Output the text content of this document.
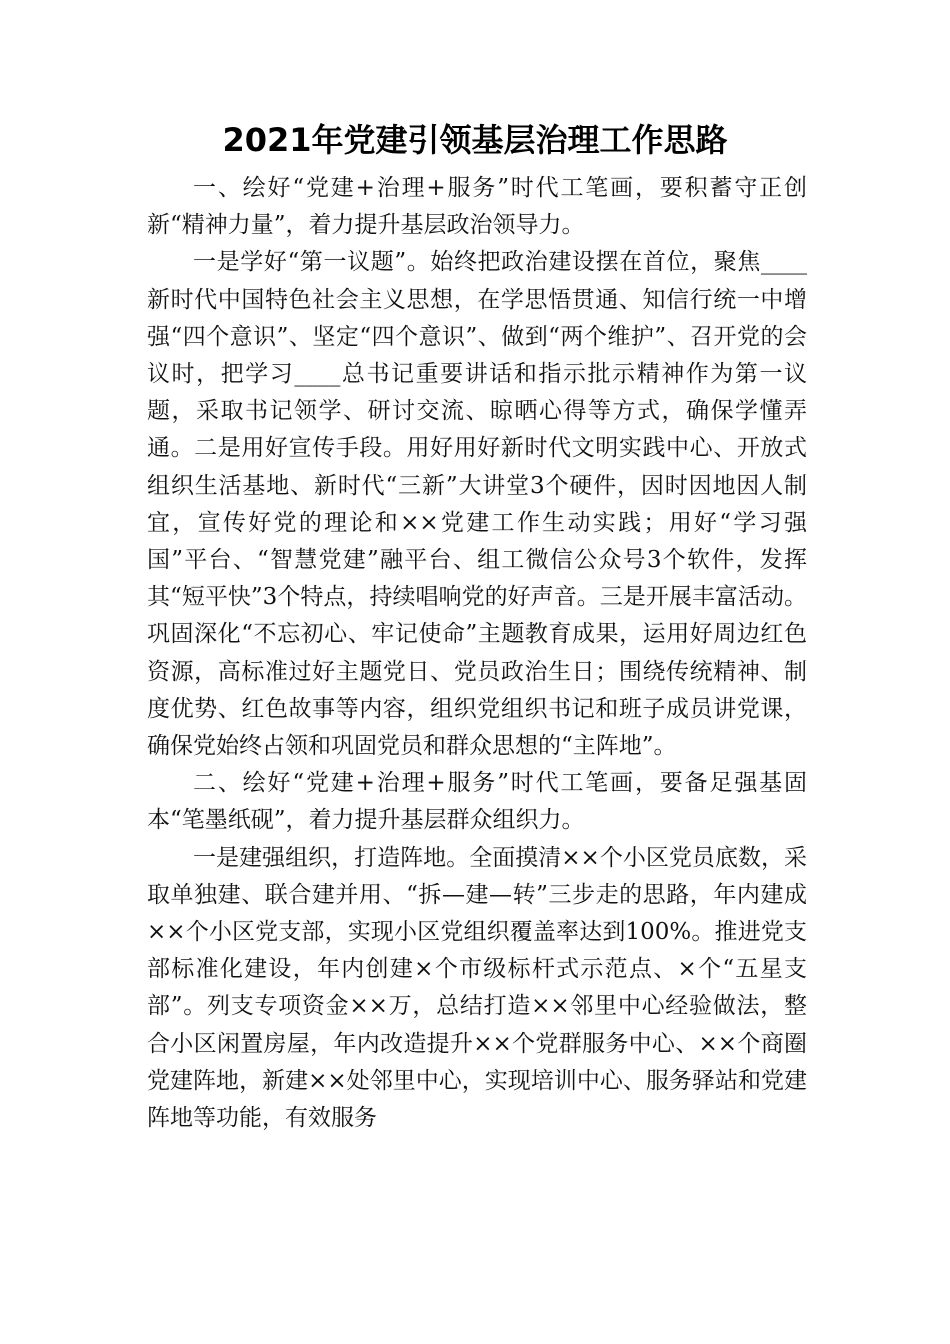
2021年党建引领基层治理工作思路

一、绘好“党建+治理+服务”时代工笔画，要积蓄守正创新“精神力量”，着力提升基层政治领导力。

一是学好“第一议题”。始终把政治建设摆在首位，聚焦____新时代中国特色社会主义思想，在学思悟贯通、知信行统一中增强“四个意识”、坚定“四个意识”、做到“两个维护”、召开党的会议时，把学习____总书记重要讲话和指示批示精神作为第一议题，采取书记领学、研讨交流、晾晒心得等方式，确保学懂弄通。二是用好宣传手段。用好用好新时代文明实践中心、开放式组织生活基地、新时代“三新”大讲堂3个硬件，因时因地因人制宜，宣传好党的理论和××党建工作生动实践；用好“学习强国”平台、“智慧党建”融平台、组工微信公众号3个软件，发挥其“短平快”3个特点，持续唱响党的好声音。三是开展丰富活动。巩固深化“不忘初心、牢记使命”主题教育成果，运用好周边红色资源，高标准过好主题党日、党员政治生日；围绕传统精神、制度优势、红色故事等内容，组织党组织书记和班子成员讲党课，确保党始终占领和巩固党员和群众思想的“主阵地”。

二、绘好“党建+治理+服务”时代工笔画，要备足强基固本“笔墨纸砚”，着力提升基层群众组织力。

一是建强组织，打造阵地。全面摸清××个小区党员底数，采取单独建、联合建并用、“拆—建—转”三步走的思路，年内建成××个小区党支部，实现小区党组织覆盖率达到100%。推进党支部标准化建设，年内创建×个市级标杆式示范点、×个“五星支部”。列支专项资金××万，总结打造××邻里中心经验做法，整合小区闲置房屋，年内改造提升××个党群服务中心、××个商圈党建阵地，新建××处邻里中心，实现培训中心、服务驿站和党建阵地等功能，有效服务
